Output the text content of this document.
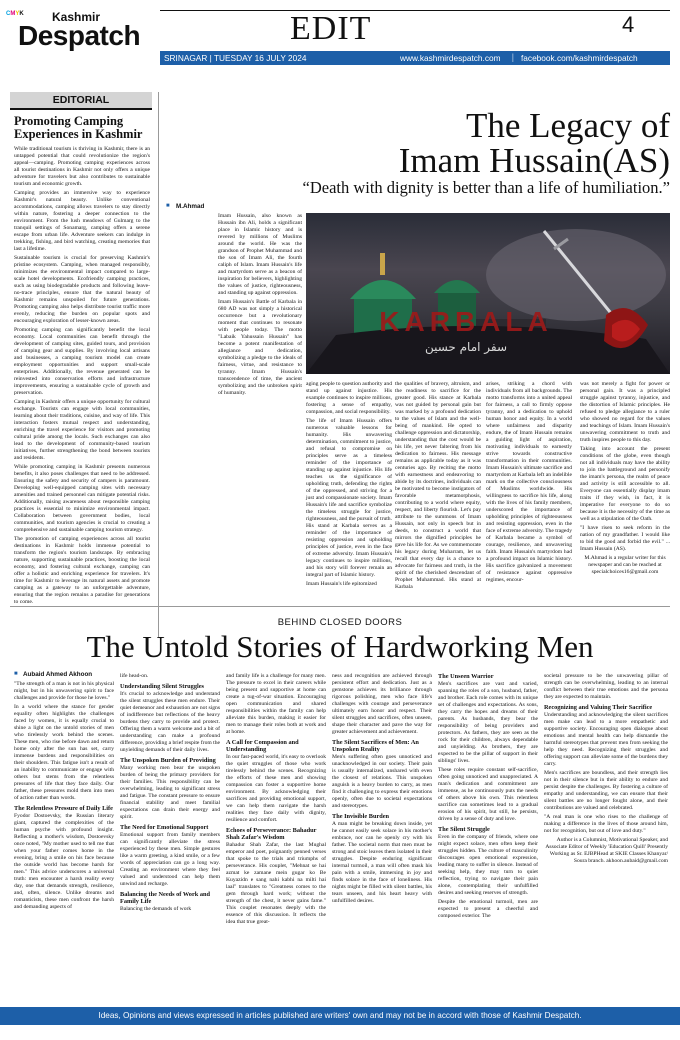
CMYK Kashmir
Despatch	EDIT	4
SRINAGAR | TUESDAY 16 JULY 2024	www.kashmirdespatch.com | facebook.com/kashmirdespatch
EDITORIAL
Promoting Camping Experiences in Kashmir

While traditional tourism is thriving in Kashmir, there is an untapped potential that could revolutionize the region's appeal—camping. Promoting camping experiences across all tourist destinations in Kashmir not only offers a unique adventure for travelers but also contributes to sustainable tourism and economic growth.

Camping provides an immersive way to experience Kashmir's natural beauty. Unlike conventional accommodations, camping allows travelers to stay directly within nature, fostering a deeper connection to the environment. From the lush meadows of Gulmarg to the tranquil settings of Sonamarg, camping offers a serene escape from urban life. Adventure seekers can indulge in trekking, fishing, and bird watching, creating memories that last a lifetime.

Sustainable tourism is crucial for preserving Kashmir's pristine ecosystem. Camping, when managed responsibly, minimizes the environmental impact compared to large-scale hotel developments. Ecofriendly camping practices, such as using biodegradable products and following leave-no-trace principles, ensure that the natural beauty of Kashmir remains unspoiled for future generations. Promoting camping also helps distribute tourist traffic more evenly, reducing the burden on popular spots and encouraging exploration of lesser-known areas.

Promoting camping can significantly benefit the local economy. Local communities can benefit through the development of camping sites, guided tours, and provision of camping gear and supplies. By involving local artisans and businesses, a camping tourism model can create employment opportunities and support small-scale enterprises. Additionally, the revenue generated can be reinvested into conservation efforts and infrastructure improvements, ensuring a sustainable cycle of growth and preservation.

Camping in Kashmir offers a unique opportunity for cultural exchange. Tourists can engage with local communities, learning about their traditions, cuisine, and way of life. This interaction fosters mutual respect and understanding, enriching the travel experience for visitors and promoting cultural pride among the locals. Such exchanges can also lead to the development of community-based tourism initiatives, further strengthening the bond between tourists and residents.

While promoting camping in Kashmir presents numerous benefits, it also poses challenges that need to be addressed. Ensuring the safety and security of campers is paramount. Developing well-equipped camping sites with necessary amenities and trained personnel can mitigate potential risks. Additionally, raising awareness about responsible camping practices is essential to minimize environmental impact. Collaboration between government bodies, local communities, and tourism agencies is crucial to creating a comprehensive and sustainable camping tourism strategy.

The promotion of camping experiences across all tourist destinations in Kashmir holds immense potential to transform the region's tourism landscape. By embracing nature, supporting sustainable practices, boosting the local economy, and fostering cultural exchange, camping can offer a holistic and enriching experience for travelers. It's time for Kashmir to leverage its natural assets and promote camping as a gateway to an unforgettable adventure, ensuring that the region remains a paradise for generations to come.

The Legacy of
Imam Hussain(AS)
“Death with dignity is better than a life of humiliation.”
■ M.Ahmad

Imam Hussain, also known as Hussain ibn Ali, holds a significant place in Islamic history and is revered by millions of Muslims around the world. He was the grandson of Prophet Muhammad and the son of Imam Ali, the fourth caliph of Islam. Imam Hussain's life and martyrdom serve as a beacon of inspiration for believers, highlighting the values of justice, righteousness, and standing up against oppression.

Imam Hussain's Battle of Karbala in 680 AD was not simply a historical occurrence but a revolutionary moment that continues to resonate with people today. The motto "Labaik Yahussain Hussain" has become a potent manifestation of allegiance and dedication, symbolizing a pledge to the ideals of fairness, virtue, and resistance to tyranny. Imam Hussain's transcendence of time, the ancient symbolizing and the unbroken spirit of humanity.

KARBALA
سفر امام حسین

aging people to question authority and stand up against injustice. His example continues to inspire millions, fostering a sense of empathy, compassion, and social responsibility.

The life of Imam Hussain offers numerous valuable lessons for humanity. His unwavering determination, commitment to justice, and refusal to compromise on principles serve as a timeless reminder of the importance of standing up against injustice. His life teaches us the significance of upholding truth, defending the rights of the oppressed, and striving for a just and compassionate society. Imam Hussain's life and sacrifice symbolize the timeless struggle for justice, righteousness, and the pursuit of truth. His stand at Karbala serves as a reminder of the importance of resisting oppression and upholding principles of justice, even in the face of extreme adversity. Imam Hussain's legacy continues to inspire millions, and his story will forever remain an integral part of Islamic history.

Imam Hussain's life epitomized

the qualities of bravery, altruism, and the readiness to sacrifice for the greater good. His stance at Karbala was not guided by personal gain but was marked by a profound dedication to the values of Islam and the well-being of mankind. He opted to challenge oppression and dictatorship, understanding that the cost would be his life, yet never faltering from his dedication to fairness. His message remains as applicable today as it was centuries ago. By reciting the motto with earnestness and endeavoring to abide by its doctrines, individuals can be motivated to become instigators of favorable metamorphosis, contributing to a world where equity, respect, and liberty flourish. Let's pay attribute to the summons of Imam Hussain, not only in speech but in deeds, to construct a world that mirrors the dignified principles he gave his life for. As we commemorate his legacy during Muharram, let us recall that every day is a chance to advocate for fairness and truth, in the spirit of the cherished descendant of Prophet Muhammad. His stand at Karbala

arises, striking a chord with individuals from all backgrounds. The motto transforms into a united appeal for fairness, a call to firmly oppose tyranny, and a dedication to uphold human honor and equity. In a world where unfairness and disparity endure, the of Imam Hussain remains a guiding light of aspiration, motivating individuals to earnestly strive towards constructive transformation in their communities. Imam Hussain's ultimate sacrifice and martyrdom at Karbala left an indelible mark on the collective consciousness of Muslims worldwide. His willingness to sacrifice his life, along with the lives of his family members, underscored the importance of upholding principles of righteousness and resisting oppression, even in the face of extreme adversity. The tragedy of Karbala became a symbol of courage, resilience, and unwavering faith. Imam Hussain's martyrdom had a profound impact on Islamic history. His sacrifice galvanized a movement of resistance against oppressive regimes, encour-

was not merely a fight for power or personal gain. It was a principled struggle against tyranny, injustice, and the distortion of Islamic principles. He refused to pledge allegiance to a ruler who showed no regard for the values and teachings of Islam. Imam Hussain's unwavering commitment to truth and truth inspires people to this day.

Taking into account the present conditions of the globe, even though not all individuals may have the ability to join the battleground and personify the imam's persona, the realm of peace and activity is still accessible to all. Everyone can essentially display imam traits if they wish, in fact, it is imperative for everyone to do so because it is the necessity of the time as well as a stipulation of the Oath.

"I have risen to seek reform in the nation of my grandfather. I would like to bid the good and forbid the evil." ... Imam Hussain (AS).

M.Ahmad is a regular writer for this newspaper and can be reached at specialchoices16@gmail.com

BEHIND CLOSED DOORS
The Untold Stories of Hardworking Men
■ Aubaid Ahmed Akhoon

"The strength of a man is not in his physical might, but in his unwavering spirit to face challenges and provide for those he loves."

In a world where the stance for gender equality often highlights the challenges faced by women, it is equally crucial to shine a light on the untold stories of men who tirelessly work behind the scenes. These men, who rise before dawn and return home only after the sun has set, carry immense burdens and responsibilities on their shoulders. This fatigue isn't a result of an inability to communicate or engage with others but stems from the relentless pressures of life that they face daily. Our father, these pressures mold them into men of action rather than words.

The Relentless Pressure of Daily Life

Fyodor Dostoevsky, the Russian literary giant, captured the complexities of the human psyche with profound insight. Reflecting a mother's wisdom, Dostoevsky once noted, "My mother used to tell me that when your father comes home in the evening, bring a smile on his face because the outside world has become harsh for men." This advice underscores a universal truth: men encounter a harsh reality every day, one that demands strength, resilience, and, often, silence. Unlike dreams and romanticists, these men confront the harsh and demanding aspects of

life head-on.

Understanding Silent Struggles

It's crucial to acknowledge and understand the silent struggles these men endure. Their quiet demeanor and exhaustion are not signs of indifference but reflections of the heavy burdens they carry to provide and protect. Offering them a warm welcome and a bit of understanding can make a profound difference, providing a brief respite from the unyielding demands of their daily lives.

The Unspoken Burden of Providing

Many working men bear the unspoken burden of being the primary providers for their families. This responsibility can be overwhelming, leading to significant stress and fatigue. The constant pressure to ensure financial stability and meet familial expectations can drain their energy and spirit.

The Need for Emotional Support

Emotional support from family members can significantly alleviate the stress experienced by these men. Simple gestures like a warm greeting, a kind smile, or a few words of appreciation can go a long way. Creating an environment where they feel valued and understood can help them unwind and recharge.

Balancing the Needs of Work and Family Life

Balancing the demands of work

and family life is a challenge for many men. The pressure to excel in their careers while being present and supportive at home can create a tug-of-war situation. Encouraging open communication and shared responsibilities within the family can help alleviate this burden, making it easier for men to manage their roles both at work and at home.

A Call for Compassion and Understanding

In our fast-paced world, it's easy to overlook the quiet struggles of those who work tirelessly behind the scenes. Recognizing the efforts of these men and showing compassion can foster a supportive home environment. By acknowledging their sacrifices and providing emotional support, we can help them navigate the harsh realities they face daily with dignity, resilience and comfort.

Echoes of Perseverance: Bahadur Shah Zafar's Wisdom

Bahadur Shah Zafar, the last Mughal emperor and poet, poignantly penned verses that spoke to the trials and triumphs of perseverance. His couplet, "Mehnat se hai azmat ke zamane mein gugar ko Be Kuyazidn e sang nahi kabhi na milti hai laal" translates to "Greatness comes to the gem through hard work; without the strength of the chest, it never gains fame." This couplet resonates deeply with the essence of this discussion. It reflects the idea that true great-

ness and recognition are achieved through persistent effort and dedication. Just as a gemstone achieves its brilliance through rigorous polishing, men who face life's challenges with courage and perseverance ultimately earn honor and respect. Their silent struggles and sacrifices, often unseen, shape their character and pave the way for greater achievement and achievement.

The Silent Sacrifices of Men: An Unspoken Reality

Men's suffering often goes unnoticed and unacknowledged in our society. Their pain is usually internalized, unshared with even the closest of relations. This unspoken anguish is a heavy burden to carry, as men find it challenging to express their emotions openly, often due to societal expectations and stereotypes.

The Invisible Burden

A man might be breaking down inside, yet he cannot easily seek solace in his mother's embrace, nor can he openly cry with his father. The societal norm that men must be strong and stoic leaves them isolated in their struggles. Despite enduring significant internal turmoil, a man will often mask his pain with a smile, immersing in joy and finds solace in the face of loneliness. His nights might be filled with silent battles, his tears unseen, and his heart heavy with unfulfilled desires.

The Unseen Warrior

Men's sacrifices are vast and varied, spanning the roles of a son, husband, father, and brother. Each role comes with its unique set of challenges and expectations. As sons, they carry the hopes and dreams of their parents. As husbands, they bear the responsibility of being providers and protectors. As fathers, they are seen as the rock for their children, always dependable and unyielding. As brothers, they are expected to be the pillar of support in their siblings' lives.

These roles require constant self-sacrifice, often going unnoticed and unappreciated. A man's dedication and commitment are immense, as he continuously puts the needs of others above his own. This relentless sacrifice can sometimes lead to a gradual erosion of his spirit, but still, he persists, driven by a sense of duty and love.

The Silent Struggle

Even in the company of friends, where one might expect solace, men often keep their struggles hidden. The culture of masculinity discourages open emotional expression, leading many to suffer in silence. Instead of seeking help, they may turn to quiet reflection, trying to navigate their pain alone, contemplating their unfulfilled desires and seeking reserves of strength.

Despite the emotional turmoil, men are expected to present a cheerful and composed exterior. The

societal pressure to be the unwavering pillar of strength can be overwhelming, leading to an internal conflict between their true emotions and the persona they are expected to maintain.

Recognizing and Valuing Their Sacrifice

Understanding and acknowledging the silent sacrifices men make can lead to a more empathetic and supportive society. Encouraging open dialogue about emotions and mental health can help dismantle the harmful stereotypes that prevent men from seeking the help they need. Recognizing their struggles and offering support can alleviate some of the burdens they carry.

Men's sacrifices are boundless, and their strength lies not in their silence but in their ability to endure and persist despite the challenges. By fostering a culture of empathy and understanding, we can ensure that their silent battles are no longer fought alone, and their contributions are valued and celebrated.

"A real man is one who rises to the challenge of making a difference in the lives of those around him, not for recognition, but out of love and duty."

Author is a Columnist, Motivational Speaker, and Associate Editor of Weekly 'Education Quill' Presently Working as Sr. EJBPHead at SKIE Classes Khanyar/ Soura branch. akhoon.aubaid@gmail.com

Ideas, Opinions and views expressed in articles published are writers' own and may not be in accord with those of Kashmir Despatch.
